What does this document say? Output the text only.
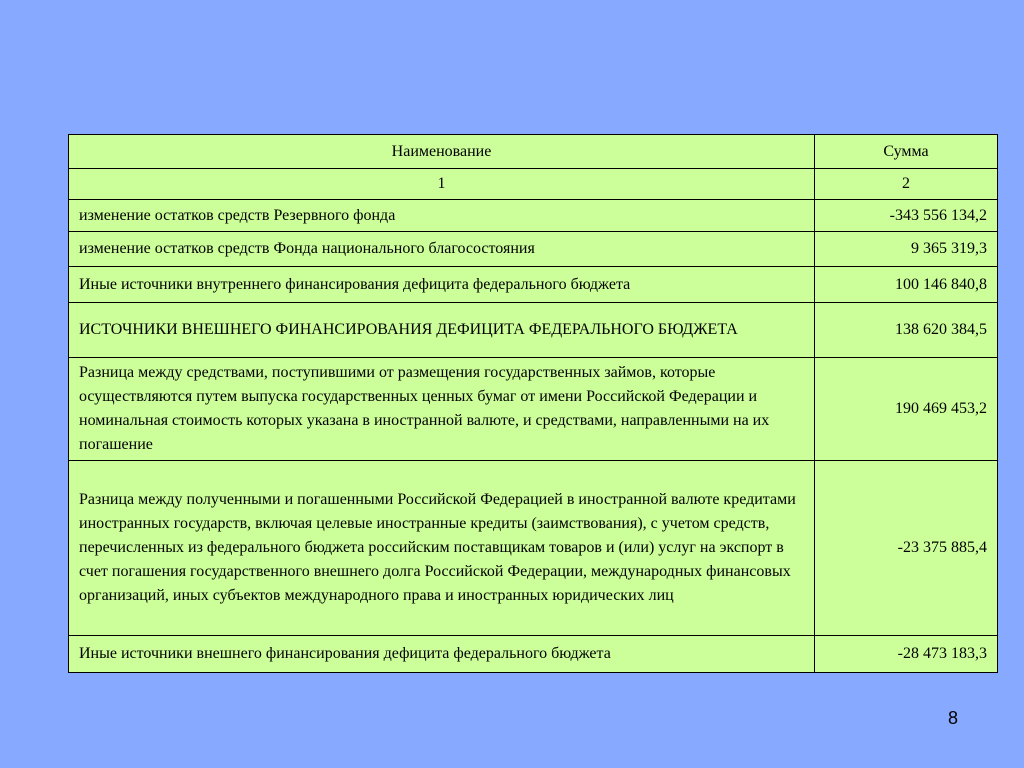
Наименование	Сумма
1	2
изменение остатков средств Резервного фонда	-343 556 134,2
изменение остатков средств Фонда национального благосостояния	9 365 319,3
Иные источники внутреннего финансирования дефицита федерального бюджета	100 146 840,8
ИСТОЧНИКИ ВНЕШНЕГО ФИНАНСИРОВАНИЯ ДЕФИЦИТА ФЕДЕРАЛЬНОГО БЮДЖЕТА	138 620 384,5
Разница между средствами, поступившими от размещения государственных займов, которые осуществляются путем выпуска государственных ценных бумаг от имени Российской Федерации и номинальная стоимость которых указана в иностранной валюте, и средствами, направленными на их погашение	190 469 453,2
Разница между полученными и погашенными Российской Федерацией в иностранной валюте кредитами иностранных государств, включая целевые иностранные кредиты (заимствования), с учетом средств, перечисленных из федерального бюджета российским поставщикам товаров и (или) услуг на экспорт в счет погашения государственного внешнего долга Российской Федерации, международных финансовых организаций, иных субъектов международного права и иностранных юридических лиц	-23 375 885,4
Иные источники внешнего финансирования дефицита федерального бюджета	-28 473 183,3
8
